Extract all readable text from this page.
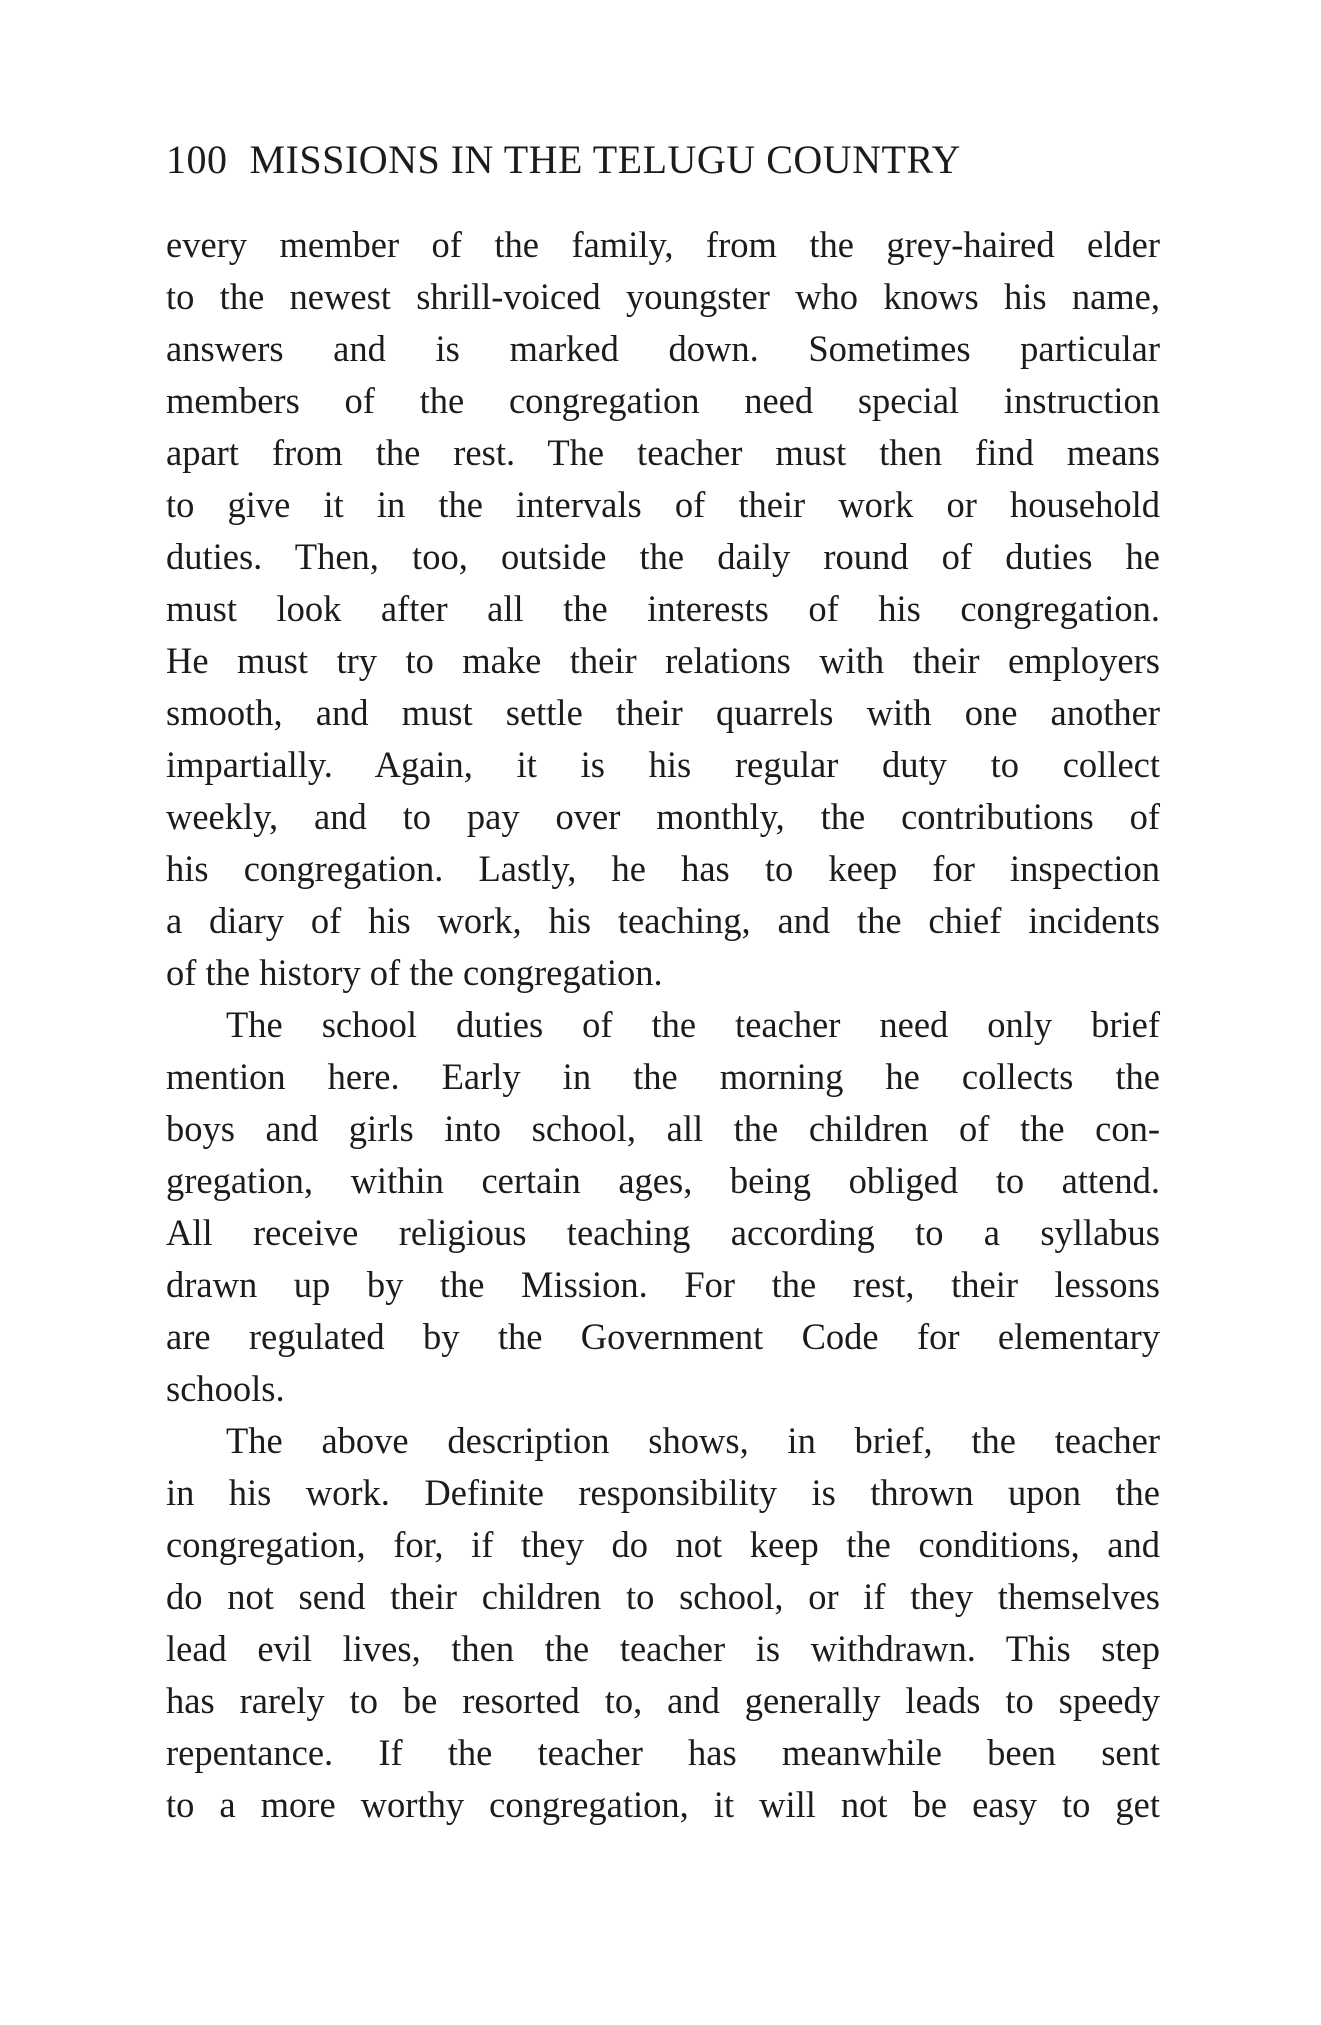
100 MISSIONS IN THE TELUGU COUNTRY
every member of the family, from the grey-haired elder
to the newest shrill-voiced youngster who knows his name,
answers and is marked down. Sometimes particular
members of the congregation need special instruction
apart from the rest. The teacher must then find means
to give it in the intervals of their work or household
duties. Then, too, outside the daily round of duties he
must look after all the interests of his congregation.
He must try to make their relations with their employers
smooth, and must settle their quarrels with one another
impartially. Again, it is his regular duty to collect
weekly, and to pay over monthly, the contributions of
his congregation. Lastly, he has to keep for inspection
a diary of his work, his teaching, and the chief incidents
of the history of the congregation.
The school duties of the teacher need only brief
mention here. Early in the morning he collects the
boys and girls into school, all the children of the con-
gregation, within certain ages, being obliged to attend.
All receive religious teaching according to a syllabus
drawn up by the Mission. For the rest, their lessons
are regulated by the Government Code for elementary
schools.
The above description shows, in brief, the teacher
in his work. Definite responsibility is thrown upon the
congregation, for, if they do not keep the conditions, and
do not send their children to school, or if they themselves
lead evil lives, then the teacher is withdrawn. This step
has rarely to be resorted to, and generally leads to speedy
repentance. If the teacher has meanwhile been sent
to a more worthy congregation, it will not be easy to get
